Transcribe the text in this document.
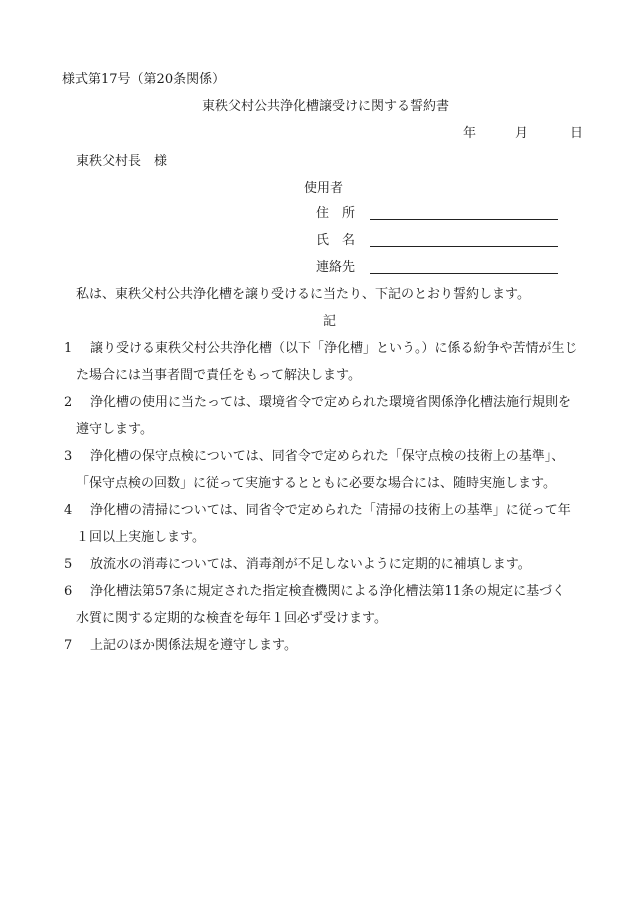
様式第17号（第20条関係）
東秩父村公共浄化槽譲受けに関する誓約書
年	月	日
東秩父村長　様
使用者
住　所
氏　名
連絡先
私は、東秩父村公共浄化槽を譲り受けるに当たり、下記のとおり誓約します。
記
1 譲り受ける東秩父村公共浄化槽（以下「浄化槽」という。）に係る紛争や苦情が生じ
た場合には当事者間で責任をもって解決します。
2 浄化槽の使用に当たっては、環境省令で定められた環境省関係浄化槽法施行規則を
遵守します。
3 浄化槽の保守点検については、同省令で定められた「保守点検の技術上の基準」、
「保守点検の回数」に従って実施するとともに必要な場合には、随時実施します。
4 浄化槽の清掃については、同省令で定められた「清掃の技術上の基準」に従って年
１回以上実施します。
5 放流水の消毒については、消毒剤が不足しないように定期的に補填します。
6 浄化槽法第57条に規定された指定検査機関による浄化槽法第11条の規定に基づく
水質に関する定期的な検査を毎年１回必ず受けます。
7 上記のほか関係法規を遵守します。
